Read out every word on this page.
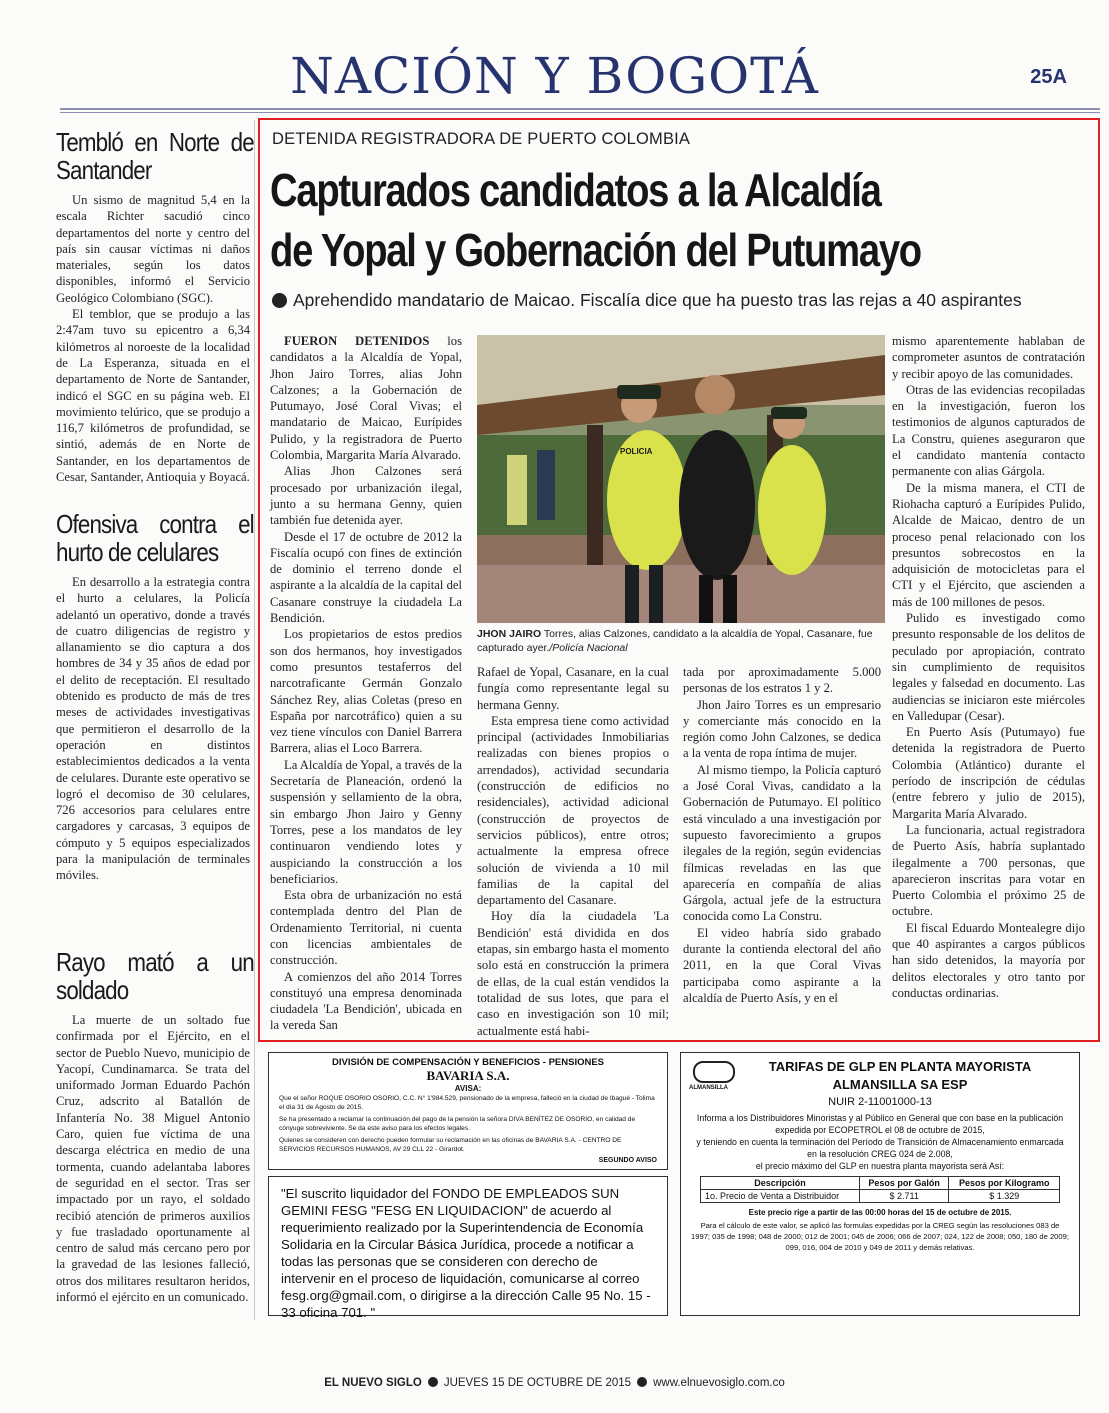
NACIÓN Y BOGOTÁ	25A
Tembló en Norte de Santander

Un sismo de magnitud 5,4 en la escala Richter sacudió cinco departamentos del norte y centro del país sin causar víctimas ni daños materiales, según los datos disponibles, informó el Servicio Geológico Colombiano (SGC).

El temblor, que se produjo a las 2:47am tuvo su epicentro a 6,34 kilómetros al noroeste de la localidad de La Esperanza, situada en el departamento de Norte de Santander, indicó el SGC en su página web. El movimiento telúrico, que se produjo a 116,7 kilómetros de profundidad, se sintió, además de en Norte de Santander, en los departamentos de Cesar, Santander, Antioquia y Boyacá.

Ofensiva contra el hurto de celulares

En desarrollo a la estrategia contra el hurto a celulares, la Policía adelantó un operativo, donde a través de cuatro diligencias de registro y allanamiento se dio captura a dos hombres de 34 y 35 años de edad por el delito de receptación. El resultado obtenido es producto de más de tres meses de actividades investigativas que permitieron el desarrollo de la operación en distintos establecimientos dedicados a la venta de celulares. Durante este operativo se logró el decomiso de 30 celulares, 726 accesorios para celulares entre cargadores y carcasas, 3 equipos de cómputo y 5 equipos especializados para la manipulación de terminales móviles.

Rayo mató a un soldado

La muerte de un soltado fue confirmada por el Ejército, en el sector de Pueblo Nuevo, municipio de Yacopí, Cundinamarca. Se trata del uniformado Jorman Eduardo Pachón Cruz, adscrito al Batallón de Infantería No. 38 Miguel Antonio Caro, quien fue víctima de una descarga eléctrica en medio de una tormenta, cuando adelantaba labores de seguridad en el sector. Tras ser impactado por un rayo, el soldado recibió atención de primeros auxilios y fue trasladado oportunamente al centro de salud más cercano pero por la gravedad de las lesiones falleció, otros dos militares resultaron heridos, informó el ejército en un comunicado.

DETENIDA REGISTRADORA DE PUERTO COLOMBIA
Capturados candidatos a la Alcaldía
de Yopal y Gobernación del Putumayo
Aprehendido mandatario de Maicao. Fiscalía dice que ha puesto tras las rejas a 40 aspirantes

FUERON DETENIDOS los candidatos a la Alcaldía de Yopal, Jhon Jairo Torres, alias John Calzones; a la Gobernación de Putumayo, José Coral Vivas; el mandatario de Maicao, Eurípides Pulido, y la registradora de Puerto Colombia, Margarita María Alvarado.

Alias Jhon Calzones será procesado por urbanización ilegal, junto a su hermana Genny, quien también fue detenida ayer.

Desde el 17 de octubre de 2012 la Fiscalía ocupó con fines de extinción de dominio el terreno donde el aspirante a la alcaldía de la capital del Casanare construye la ciudadela La Bendición.

Los propietarios de estos predios son dos hermanos, hoy investigados como presuntos testaferros del narcotraficante Germán Gonzalo Sánchez Rey, alias Coletas (preso en España por narcotráfico) quien a su vez tiene vínculos con Daniel Barrera Barrera, alias el Loco Barrera.

La Alcaldía de Yopal, a través de la Secretaría de Planeación, ordenó la suspensión y sellamiento de la obra, sin embargo Jhon Jairo y Genny Torres, pese a los mandatos de ley continuaron vendiendo lotes y auspiciando la construcción a los beneficiarios.

Esta obra de urbanización no está contemplada dentro del Plan de Ordenamiento Territorial, ni cuenta con licencias ambientales de construcción.

A comienzos del año 2014 Torres constituyó una empresa denominada ciudadela 'La Bendición', ubicada en la vereda San

POLICIA
JHON JAIRO Torres, alias Calzones, candidato a la alcaldía de Yopal, Casanare, fue capturado ayer./Policía Nacional

Rafael de Yopal, Casanare, en la cual fungía como representante legal su hermana Genny.

Esta empresa tiene como actividad principal (actividades Inmobiliarias realizadas con bienes propios o arrendados), actividad secundaria (construcción de edificios no residenciales), actividad adicional (construcción de proyectos de servicios públicos), entre otros; actualmente la empresa ofrece solución de vivienda a 10 mil familias de la capital del departamento del Casanare.

Hoy día la ciudadela 'La Bendición' está dividida en dos etapas, sin embargo hasta el momento solo está en construcción la primera de ellas, de la cual están vendidos la totalidad de sus lotes, que para el caso en investigación son 10 mil; actualmente está habi-

tada por aproximadamente 5.000 personas de los estratos 1 y 2.

Jhon Jairo Torres es un empresario y comerciante más conocido en la región como John Calzones, se dedica a la venta de ropa íntima de mujer.

Al mismo tiempo, la Policía capturó a José Coral Vivas, candidato a la Gobernación de Putumayo. El político está vinculado a una investigación por supuesto favorecimiento a grupos ilegales de la región, según evidencias fílmicas reveladas en las que aparecería en compañía de alias Gárgola, actual jefe de la estructura conocida como La Constru.

El video habría sido grabado durante la contienda electoral del año 2011, en la que Coral Vivas participaba como aspirante a la alcaldía de Puerto Asís, y en el

mismo aparentemente hablaban de comprometer asuntos de contratación y recibir apoyo de las comunidades.

Otras de las evidencias recopiladas en la investigación, fueron los testimonios de algunos capturados de La Constru, quienes aseguraron que el candidato mantenía contacto permanente con alias Gárgola.

De la misma manera, el CTI de Riohacha capturó a Eurípides Pulido, Alcalde de Maicao, dentro de un proceso penal relacionado con los presuntos sobrecostos en la adquisición de motocicletas para el CTI y el Ejército, que ascienden a más de 100 millones de pesos.

Pulido es investigado como presunto responsable de los delitos de peculado por apropiación, contrato sin cumplimiento de requisitos legales y falsedad en documento. Las audiencias se iniciaron este miércoles en Valledupar (Cesar).

En Puerto Asís (Putumayo) fue detenida la registradora de Puerto Colombia (Atlántico) durante el período de inscripción de cédulas (entre febrero y julio de 2015), Margarita María Alvarado.

La funcionaria, actual registradora de Puerto Asís, habría suplantado ilegalmente a 700 personas, que aparecieron inscritas para votar en Puerto Colombia el próximo 25 de octubre.

El fiscal Eduardo Montealegre dijo que 40 aspirantes a cargos públicos han sido detenidos, la mayoría por delitos electorales y otro tanto por conductas ordinarias.

DIVISIÓN DE COMPENSACIÓN Y BENEFICIOS - PENSIONES
BAVARIA S.A.
AVISA:
Que el señor ROQUE OSORIO OSORIO, C.C. N° 1'984.529, pensionado de la empresa, falleció en la ciudad de Ibagué - Tolima el día 31 de Agosto de 2015.
Se ha presentado a reclamar la continuación del pago de la pensión la señora DIVA BENÍTEZ DE OSORIO, en calidad de cónyuge sobreviviente. Se da este aviso para los efectos legales.
Quienes se consideren con derecho pueden formular su reclamación en las oficinas de BAVARIA S.A. - CENTRO DE SERVICIOS RECURSOS HUMANOS, AV 29 CLL 22 - Girardot.
SEGUNDO AVISO
"El suscrito liquidador del FONDO DE EMPLEADOS SUN GEMINI FESG "FESG EN LIQUIDACION" de acuerdo al requerimiento realizado por la Superintendencia de Economía Solidaria en la Circular Básica Jurídica, procede a notificar a todas las personas que se consideren con derecho de intervenir en el proceso de liquidación, comunicarse al correo fesg.org@gmail.com, o dirigirse a la dirección Calle 95 No. 15 - 33 oficina 701. "
ALMANSILLA
TARIFAS DE GLP EN PLANTA MAYORISTA
ALMANSILLA SA ESP
NUIR 2-11001000-13
Informa a los Distribuidores Minoristas y al Público en General que con base en la publicación expedida por ECOPETROL el 08 de octubre de 2015,
y teniendo en cuenta la terminación del Período de Transición de Almacenamiento enmarcada en la resolución CREG 024 de 2.008,
el precio máximo del GLP en nuestra planta mayorista será Así:
Descripción	Pesos por Galón	Pesos por Kilogramo
1o. Precio de Venta a Distribuidor	$ 2.711	$ 1.329
Este precio rige a partir de las 00:00 horas del 15 de octubre de 2015.
Para el cálculo de este valor, se aplicó las formulas expedidas por la CREG según las resoluciones 083 de 1997; 035 de 1998; 048 de 2000; 012 de 2001; 045 de 2006; 066 de 2007; 024, 122 de 2008; 050, 180 de 2009; 099, 016, 004 de 2010 y 049 de 2011 y demás relativas.
EL NUEVO SIGLO JUEVES 15 DE OCTUBRE DE 2015 www.elnuevosiglo.com.co
